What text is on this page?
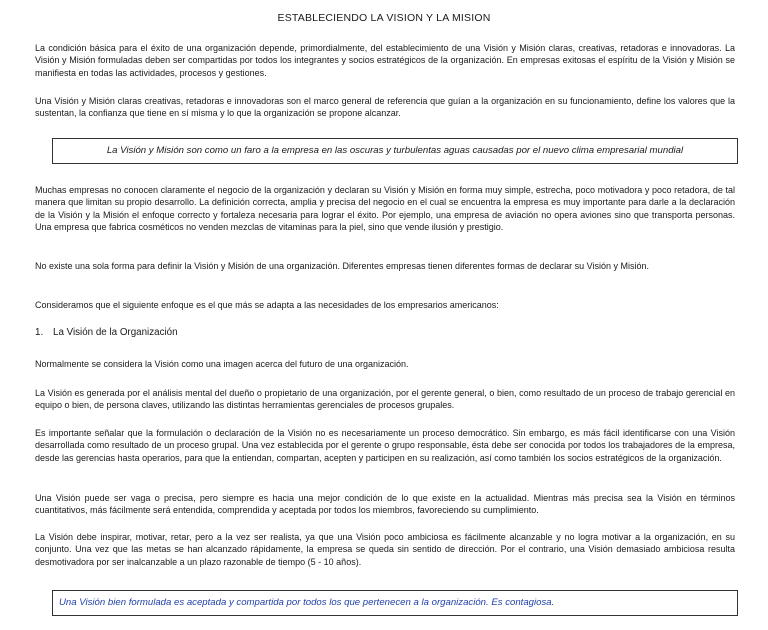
ESTABLECIENDO LA VISION Y LA MISION

La condición básica para el éxito de una organización depende, primordialmente, del establecimiento de una Visión y Misión claras, creativas, retadoras e innovadoras. La Visión y Misión formuladas deben ser compartidas por todos los integrantes y socios estratégicos de la organización. En empresas exitosas el espíritu de la Visión y Misión se manifiesta en todas las actividades, procesos y gestiones.

Una Visión y Misión claras creativas, retadoras e innovadoras son el marco general de referencia que guían a la organización en su funcionamiento, define los valores que la sustentan, la confianza que tiene en sí misma y lo que la organización se propone alcanzar.

La Visión y Misión son como un faro a la empresa en las oscuras y turbulentas aguas causadas por el nuevo clima empresarial mundial

Muchas empresas no conocen claramente el negocio de la organización y declaran su Visión y Misión en forma muy simple, estrecha, poco motivadora y poco retadora, de tal manera que limitan su propio desarrollo. La definición correcta, amplia y precisa del negocio en el cual se encuentra la empresa es muy importante para darle a la declaración de la Visión y la Misión el enfoque correcto y fortaleza necesaria para lograr el éxito. Por ejemplo, una empresa de aviación no opera aviones sino que transporta personas. Una empresa que fabrica cosméticos no venden mezclas de vitaminas para la piel, sino que vende ilusión y prestigio.

No existe una sola forma para definir la Visión y Misión de una organización. Diferentes empresas tienen diferentes formas de declarar su Visión y Misión.

Consideramos que el siguiente enfoque es el que más se adapta a las necesidades de los empresarios americanos:

1. La Visión de la Organización

Normalmente se considera la Visión como una imagen acerca del futuro de una organización.

La Visión es generada por el análisis mental del dueño o propietario de una organización, por el gerente general, o bien, como resultado de un proceso de trabajo gerencial en equipo o bien, de persona claves, utilizando las distintas herramientas gerenciales de procesos grupales.

Es importante señalar que la formulación o declaración de la Visión no es necesariamente un proceso democrático. Sin embargo, es más fácil identificarse con una Visión desarrollada como resultado de un proceso grupal. Una vez establecida por el gerente o grupo responsable, ésta debe ser conocida por todos los trabajadores de la empresa, desde las gerencias hasta operarios, para que la entiendan, compartan, acepten y participen en su realización, así como también los socios estratégicos de la organización.

Una Visión puede ser vaga o precisa, pero siempre es hacia una mejor condición de lo que existe en la actualidad. Mientras más precisa sea la Visión en términos cuantitativos, más fácilmente será entendida, comprendida y aceptada por todos los miembros, favoreciendo su cumplimiento.

La Visión debe inspirar, motivar, retar, pero a la vez ser realista, ya que una Visión poco ambiciosa es fácilmente alcanzable y no logra motivar a la organización, en su conjunto. Una vez que las metas se han alcanzado rápidamente, la empresa se queda sin sentido de dirección. Por el contrario, una Visión demasiado ambiciosa resulta desmotivadora por ser inalcanzable a un plazo razonable de tiempo (5 - 10 años).

Una Visión bien formulada es aceptada y compartida por todos los que pertenecen a la organización. Es contagiosa.
